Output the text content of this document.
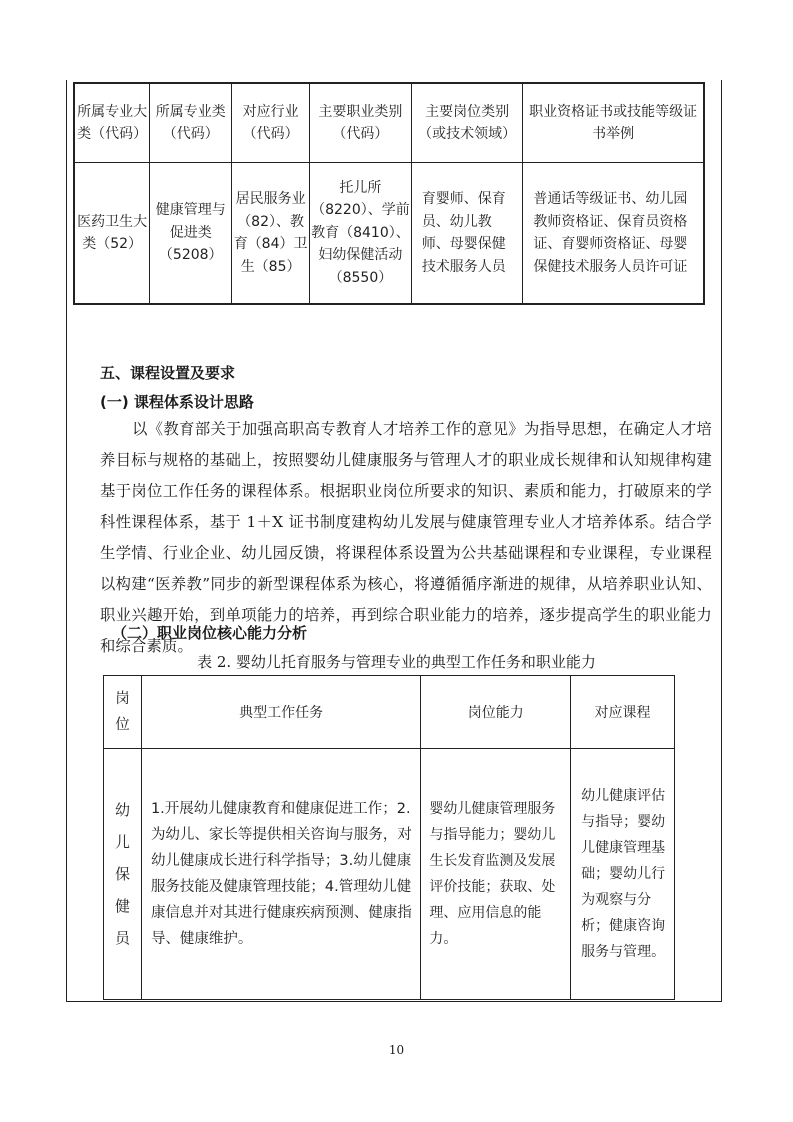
所属专业大类（代码）	所属专业类（代码）	对应行业（代码）	主要职业类别（代码）	主要岗位类别（或技术领域）	职业资格证书或技能等级证书举例
医药卫生大类（52）	健康管理与促进类（5208）	居民服务业（82）、教育（84）卫生（85）	托儿所（8220）、学前教育（8410）、妇幼保健活动（8550）	育婴师、保育员、幼儿教师、母婴保健技术服务人员	普通话等级证书、幼儿园教师资格证、保育员资格证、育婴师资格证、母婴保健技术服务人员许可证
五、课程设置及要求
(一) 课程体系设计思路
以《教育部关于加强高职高专教育人才培养工作的意见》为指导思想，在确定人才培养目标与规格的基础上，按照婴幼儿健康服务与管理人才的职业成长规律和认知规律构建基于岗位工作任务的课程体系。根据职业岗位所要求的知识、素质和能力，打破原来的学科性课程体系，基于 1＋X 证书制度建构幼儿发展与健康管理专业人才培养体系。结合学生学情、行业企业、幼儿园反馈，将课程体系设置为公共基础课程和专业课程，专业课程以构建“医养教”同步的新型课程体系为核心，将遵循循序渐进的规律，从培养职业认知、职业兴趣开始，到单项能力的培养，再到综合职业能力的培养，逐步提高学生的职业能力和综合素质。
（二）职业岗位核心能力分析
表 2. 婴幼儿托育服务与管理专业的典型工作任务和职业能力
岗位	典型工作任务	岗位能力	对应课程

幼儿保健员	1.开展幼儿健康教育和健康促进工作；2.为幼儿、家长等提供相关咨询与服务，对幼儿健康成长进行科学指导；3.幼儿健康服务技能及健康管理技能；4.管理幼儿健康信息并对其进行健康疾病预测、健康指导、健康维护。	婴幼儿健康管理服务与指导能力；婴幼儿生长发育监测及发展评价技能；获取、处理、应用信息的能力。	幼儿健康评估与指导；婴幼儿健康管理基础；婴幼儿行为观察与分析；健康咨询服务与管理。
10
